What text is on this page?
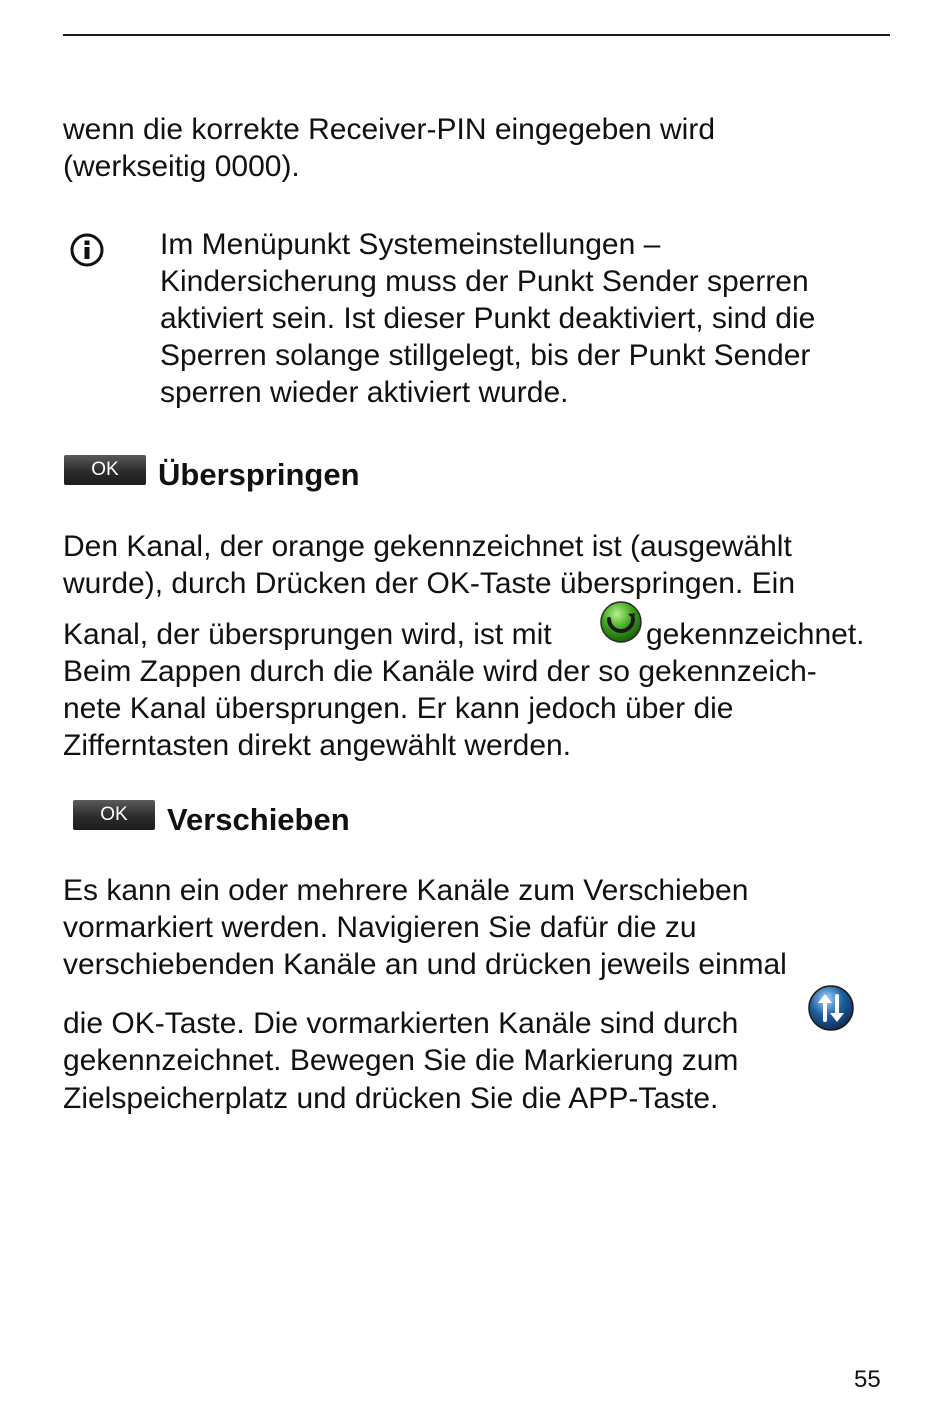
wenn die korrekte Receiver-PIN eingegeben wird

(werkseitig 0000).

Im Menüpunkt Systemeinstellungen –
Kindersicherung muss der Punkt Sender sperren
aktiviert sein. Ist dieser Punkt deaktiviert, sind die
Sperren solange stillgelegt, bis der Punkt Sender
sperren wieder aktiviert wurde.
OK	Überspringen

Den Kanal, der orange gekennzeichnet ist (ausgewählt

wurde), durch Drücken der OK-Taste überspringen. Ein

Kanal, der übersprungen wird, ist mit	gekennzeichnet.

Beim Zappen durch die Kanäle wird der so gekennzeich-

nete Kanal übersprungen. Er kann jedoch über die

Zifferntasten direkt angewählt werden.

OK	Verschieben

Es kann ein oder mehrere Kanäle zum Verschieben

vormarkiert werden. Navigieren Sie dafür die zu

verschiebenden Kanäle an und drücken jeweils einmal

die OK-Taste. Die vormarkierten Kanäle sind durch

gekennzeichnet. Bewegen Sie die Markierung zum

Zielspeicherplatz und drücken Sie die APP-Taste.

55
